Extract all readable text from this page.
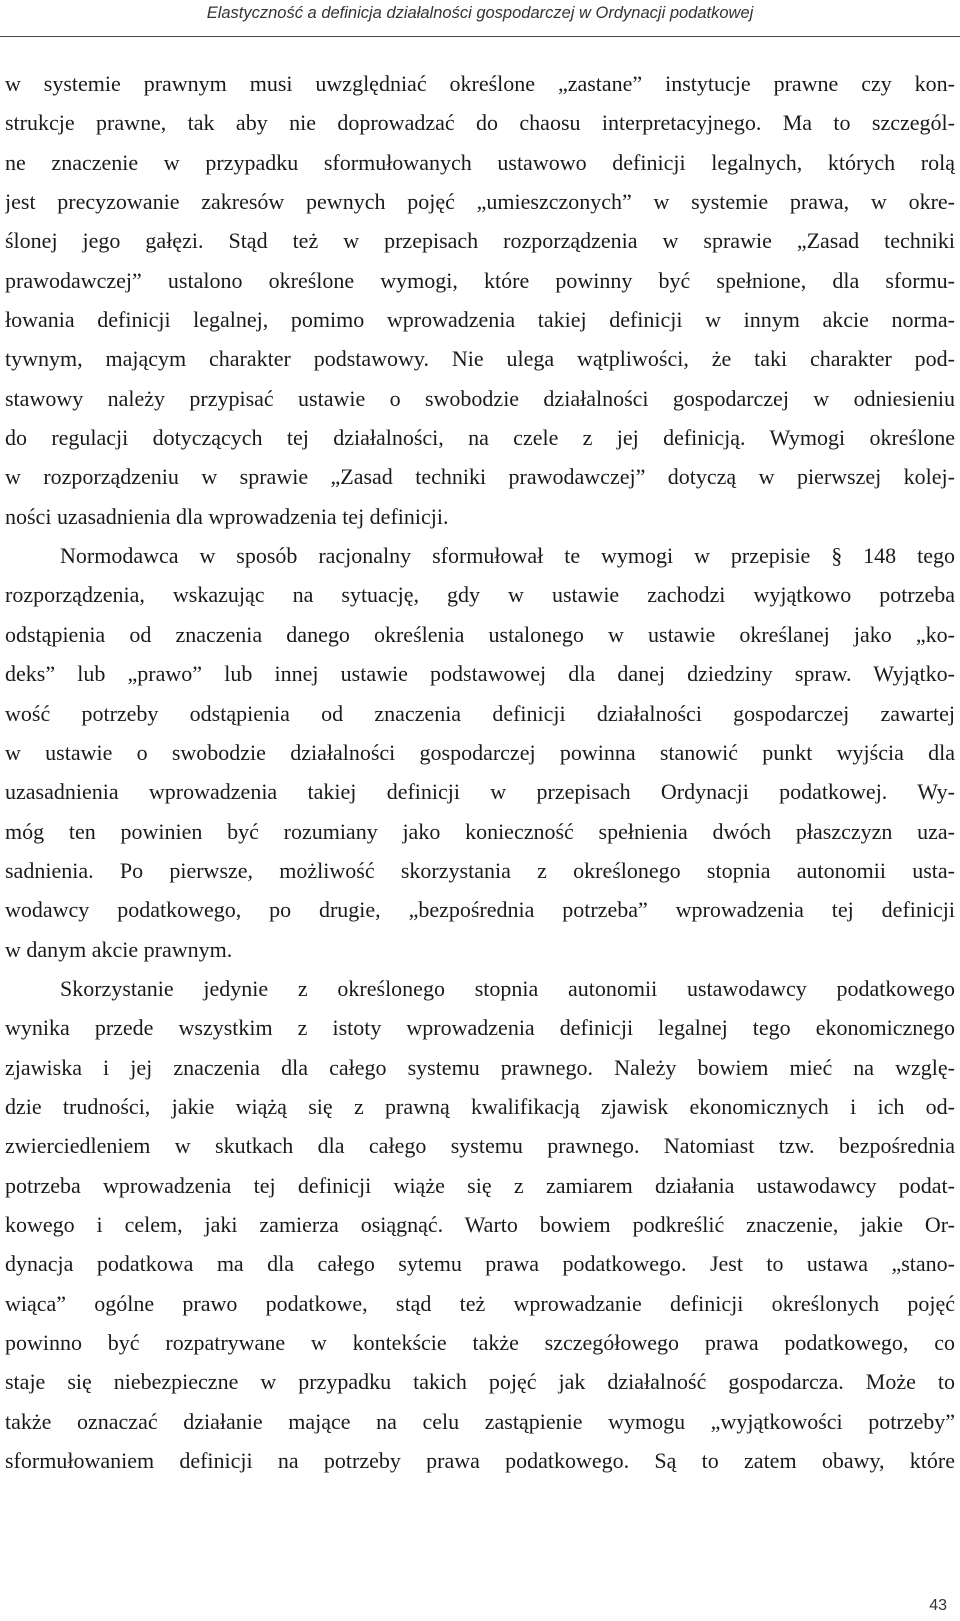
Elastyczność a definicja działalności gospodarczej w Ordynacji podatkowej
w systemie prawnym musi uwzględniać określone „zastane” instytucje prawne czy kon-
strukcje prawne, tak aby nie doprowadzać do chaosu interpretacyjnego. Ma to szczegól-
ne znaczenie w przypadku sformułowanych ustawowo definicji legalnych, których rolą
jest precyzowanie zakresów pewnych pojęć „umieszczonych” w systemie prawa, w okre-
ślonej jego gałęzi. Stąd też w przepisach rozporządzenia w sprawie „Zasad techniki
prawodawczej” ustalono określone wymogi, które powinny być spełnione, dla sformu-
łowania definicji legalnej, pomimo wprowadzenia takiej definicji w innym akcie norma-
tywnym, mającym charakter podstawowy. Nie ulega wątpliwości, że taki charakter pod-
stawowy należy przypisać ustawie o swobodzie działalności gospodarczej w odniesieniu
do regulacji dotyczących tej działalności, na czele z jej definicją. Wymogi określone
w rozporządzeniu w sprawie „Zasad techniki prawodawczej” dotyczą w pierwszej kolej-
ności uzasadnienia dla wprowadzenia tej definicji.
Normodawca w sposób racjonalny sformułował te wymogi w przepisie § 148 tego
rozporządzenia, wskazując na sytuację, gdy w ustawie zachodzi wyjątkowo potrzeba
odstąpienia od znaczenia danego określenia ustalonego w ustawie określanej jako „ko-
deks” lub „prawo” lub innej ustawie podstawowej dla danej dziedziny spraw. Wyjątko-
wość potrzeby odstąpienia od znaczenia definicji działalności gospodarczej zawartej
w ustawie o swobodzie działalności gospodarczej powinna stanowić punkt wyjścia dla
uzasadnienia wprowadzenia takiej definicji w przepisach Ordynacji podatkowej. Wy-
móg ten powinien być rozumiany jako konieczność spełnienia dwóch płaszczyzn uza-
sadnienia. Po pierwsze, możliwość skorzystania z określonego stopnia autonomii usta-
wodawcy podatkowego, po drugie, „bezpośrednia potrzeba” wprowadzenia tej definicji
w danym akcie prawnym.
Skorzystanie jedynie z określonego stopnia autonomii ustawodawcy podatkowego
wynika przede wszystkim z istoty wprowadzenia definicji legalnej tego ekonomicznego
zjawiska i jej znaczenia dla całego systemu prawnego. Należy bowiem mieć na wzglę-
dzie trudności, jakie wiążą się z prawną kwalifikacją zjawisk ekonomicznych i ich od-
zwierciedleniem w skutkach dla całego systemu prawnego. Natomiast tzw. bezpośrednia
potrzeba wprowadzenia tej definicji wiąże się z zamiarem działania ustawodawcy podat-
kowego i celem, jaki zamierza osiągnąć. Warto bowiem podkreślić znaczenie, jakie Or-
dynacja podatkowa ma dla całego sytemu prawa podatkowego. Jest to ustawa „stano-
wiąca” ogólne prawo podatkowe, stąd też wprowadzanie definicji określonych pojęć
powinno być rozpatrywane w kontekście także szczegółowego prawa podatkowego, co
staje się niebezpieczne w przypadku takich pojęć jak działalność gospodarcza. Może to
także oznaczać działanie mające na celu zastąpienie wymogu „wyjątkowości potrzeby”
sformułowaniem definicji na potrzeby prawa podatkowego. Są to zatem obawy, które
43
